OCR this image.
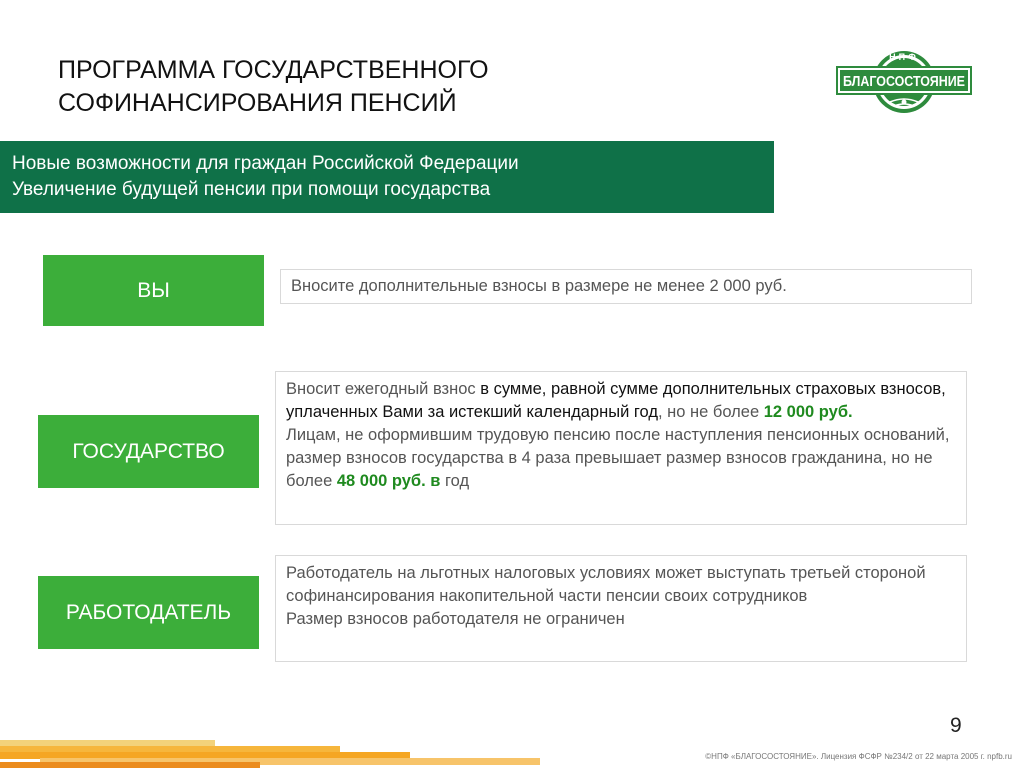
ПРОГРАММА ГОСУДАРСТВЕННОГО
СОФИНАНСИРОВАНИЯ ПЕНСИЙ
НПФ
БЛАГОСОСТОЯНИЕ
Новые возможности для граждан Российской Федерации
Увеличение будущей пенсии при помощи государства
ВЫ	Вносите дополнительные взносы в размере не менее 2 000 руб.
ГОСУДАРСТВО
Вносит ежегодный взнос в сумме, равной сумме дополнительных страховых взносов, уплаченных Вами за истекший календарный год, но не более 12 000 руб.
Лицам, не оформившим трудовую пенсию после наступления пенсионных оснований, размер взносов государства в 4 раза превышает размер взносов гражданина, но не более 48 000 руб. в год
РАБОТОДАТЕЛЬ
Работодатель на льготных налоговых условиях может выступать третьей стороной софинансирования накопительной части пенсии своих сотрудников
Размер взносов работодателя не ограничен
9
©НПФ «БЛАГОСОСТОЯНИЕ». Лицензия ФСФР №234/2 от 22 марта 2005 г. npfb.ru
